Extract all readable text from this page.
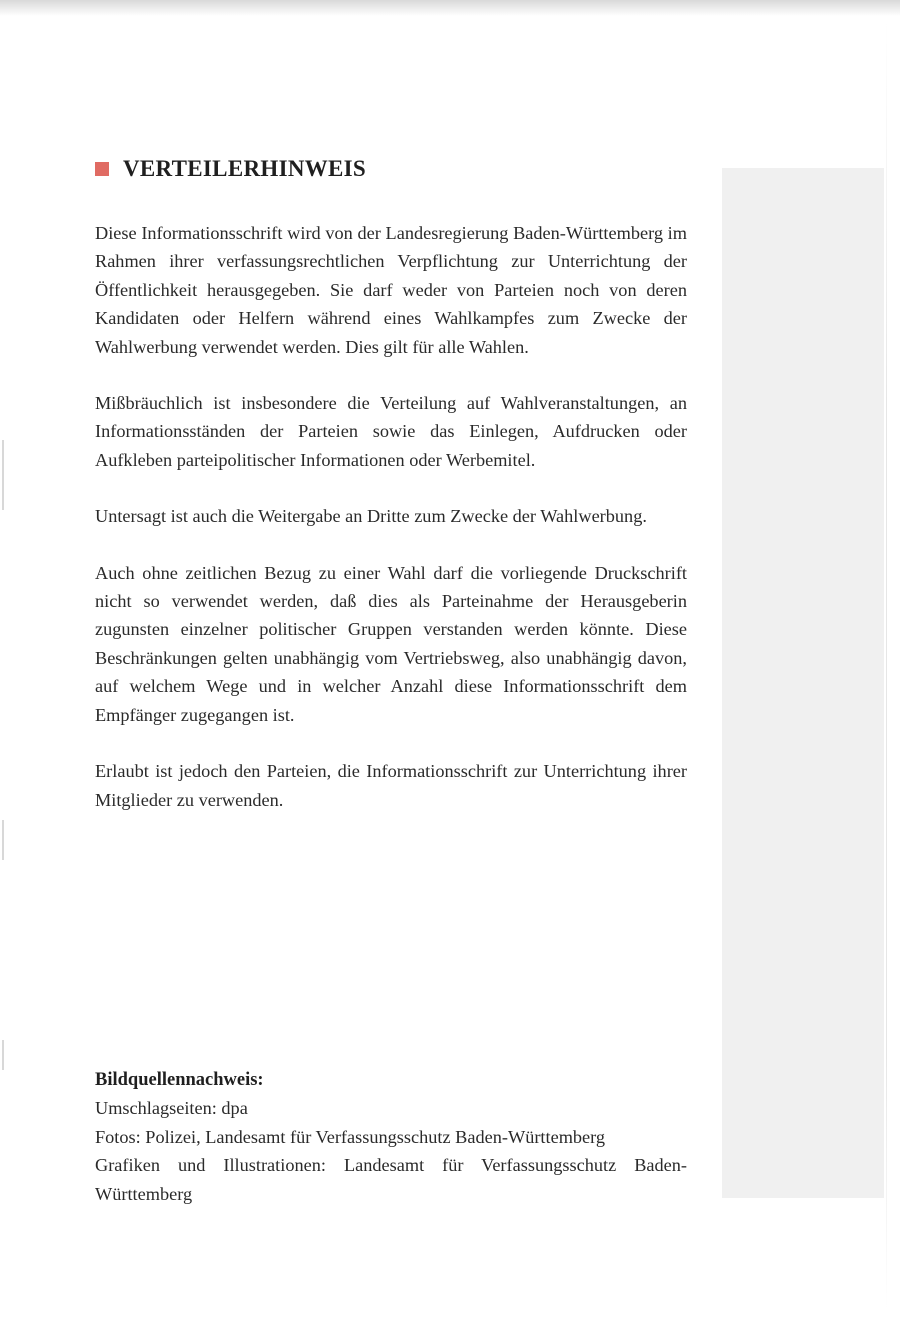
VERTEILERHINWEIS

Diese Informationsschrift wird von der Landesregierung Baden-Württemberg im Rahmen ihrer verfassungsrechtlichen Verpflichtung zur Unterrichtung der Öffentlichkeit herausgegeben. Sie darf weder von Parteien noch von deren Kandidaten oder Helfern während eines Wahlkampfes zum Zwecke der Wahlwerbung verwendet werden. Dies gilt für alle Wahlen.

Mißbräuchlich ist insbesondere die Verteilung auf Wahlveranstaltungen, an Informationsständen der Parteien sowie das Einlegen, Aufdrucken oder Aufkleben parteipolitischer Informationen oder Werbemitel.

Untersagt ist auch die Weitergabe an Dritte zum Zwecke der Wahlwerbung.

Auch ohne zeitlichen Bezug zu einer Wahl darf die vorliegende Druckschrift nicht so verwendet werden, daß dies als Parteinahme der Herausgeberin zugunsten einzelner politischer Gruppen verstanden werden könnte. Diese Beschränkungen gelten unabhängig vom Vertriebsweg, also unabhängig davon, auf welchem Wege und in welcher Anzahl diese Informationsschrift dem Empfänger zugegangen ist.

Erlaubt ist jedoch den Parteien, die Informationsschrift zur Unterrichtung ihrer Mitglieder zu verwenden.

Bildquellennachweis:
Umschlagseiten: dpa
Fotos: Polizei, Landesamt für Verfassungsschutz Baden-Württemberg
Grafiken und Illustrationen: Landesamt für Verfassungsschutz Baden-Württemberg
